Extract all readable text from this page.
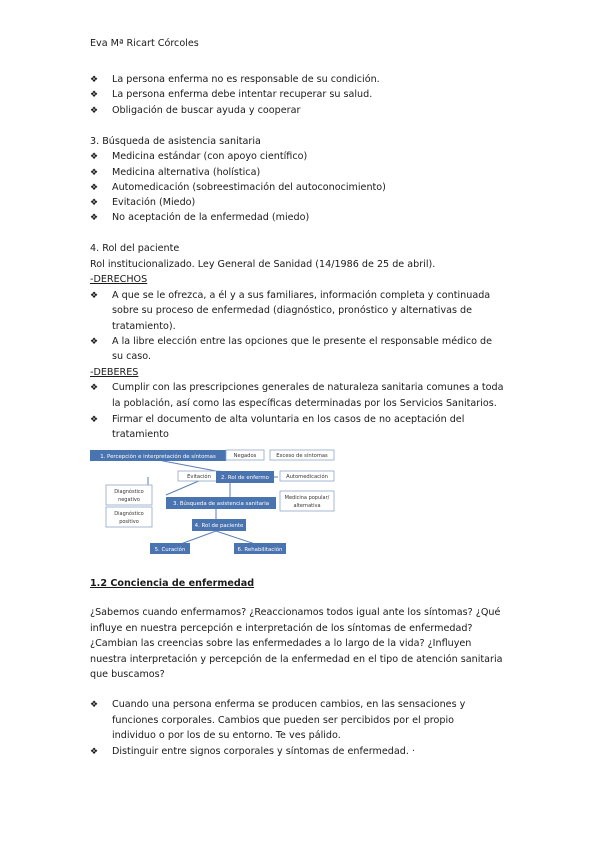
Eva Mª Ricart Córcoles
❖ La persona enferma no es responsable de su condición.
❖ La persona enferma debe intentar recuperar su salud.
❖ Obligación de buscar ayuda y cooperar
3. Búsqueda de asistencia sanitaria
❖ Medicina estándar (con apoyo científico)
❖ Medicina alternativa (holística)
❖ Automedicación (sobreestimación del autoconocimiento)
❖ Evitación (Miedo)
❖ No aceptación de la enfermedad (miedo)
4. Rol del paciente
Rol institucionalizado. Ley General de Sanidad (14/1986 de 25 de abril).
-DERECHOS
❖ A que se le ofrezca, a él y a sus familiares, información completa y continuada
sobre su proceso de enfermedad (diagnóstico, pronóstico y alternativas de
tratamiento).
❖ A la libre elección entre las opciones que le presente el responsable médico de
su caso.
-DEBERES
❖ Cumplir con las prescripciones generales de naturaleza sanitaria comunes a toda
la población, así como las específicas determinadas por los Servicios Sanitarios.
❖ Firmar el documento de alta voluntaria en los casos de no aceptación del
tratamiento
1. Percepción e interpretación de síntomas	Negados	Exceso de síntomas
Evitación 2. Rol de enfermo	Automedicación
Diagnóstico
negativo
3. Búsqueda de asistencia sanitaria
Medicina popular/
alternativa
Diagnóstico
positivo
4. Rol de paciente
5. Curación	6. Rehabilitación
1.2 Conciencia de enfermedad
¿Sabemos cuando enfermamos? ¿Reaccionamos todos igual ante los síntomas? ¿Qué
influye en nuestra percepción e interpretación de los síntomas de enfermedad?
¿Cambian las creencias sobre las enfermedades a lo largo de la vida? ¿Influyen
nuestra interpretación y percepción de la enfermedad en el tipo de atención sanitaria
que buscamos?
❖ Cuando una persona enferma se producen cambios, en las sensaciones y
funciones corporales. Cambios que pueden ser percibidos por el propio
individuo o por los de su entorno. Te ves pálido.
❖ Distinguir entre signos corporales y síntomas de enfermedad. ·
